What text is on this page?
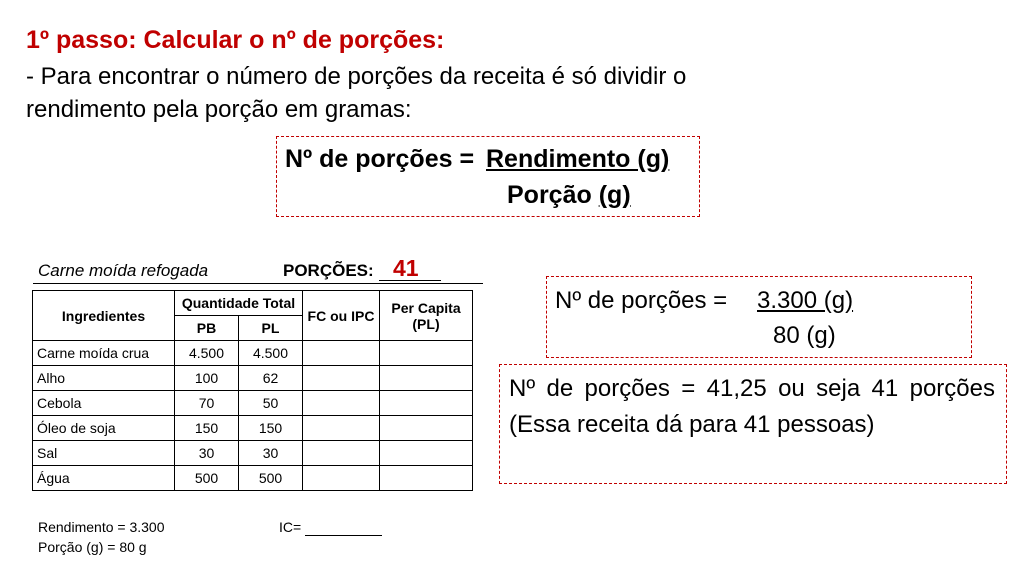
1º passo: Calcular o nº de porções:
- Para encontrar o número de porções da receita é só dividir o rendimento pela porção em gramas:
Nº de porções = Rendimento (g)
Porção (g)
Carne moída refogada	PORÇÕES: 41
Ingredientes	Quantidade Total		FC ou IPC	Per Capita (PL)
	PB	PL		
Carne moída crua	4.500	4.500		
Alho	100	62		
Cebola	70	50		
Óleo de soja	150	150		
Sal	30	30		
Água	500	500		
Rendimento = 3.300
Porção (g) = 80 g
IC=
Nº de porções = 3.300 (g)
80 (g)
Nº de porções = 41,25 ou seja 41 porções (Essa receita dá para 41 pessoas)
